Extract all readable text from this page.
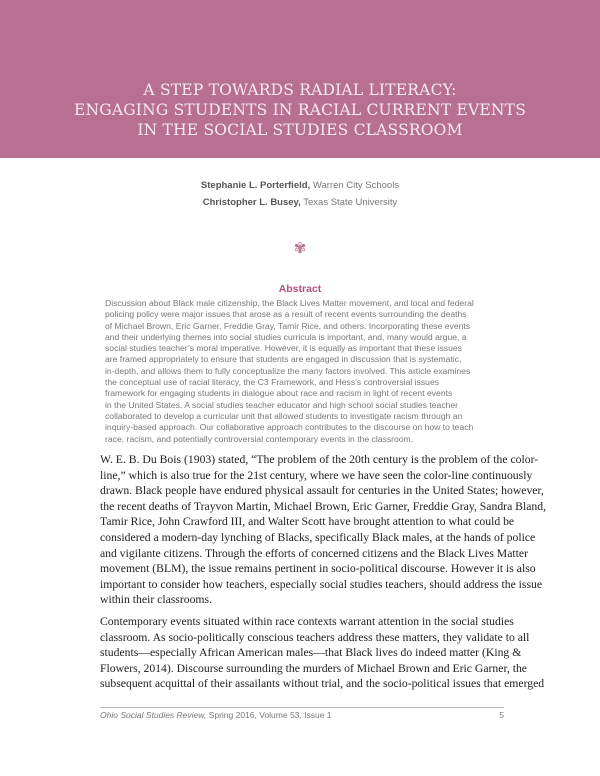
A STEP TOWARDS RADIAL LITERACY:
ENGAGING STUDENTS IN RACIAL CURRENT EVENTS
IN THE SOCIAL STUDIES CLASSROOM
Stephanie L. Porterfield, Warren City Schools
Christopher L. Busey, Texas State University
✾
Abstract
Discussion about Black male citizenship, the Black Lives Matter movement, and local and federal
policing policy were major issues that arose as a result of recent events surrounding the deaths
of Michael Brown, Eric Garner, Freddie Gray, Tamir Rice, and others. Incorporating these events
and their underlying themes into social studies curricula is important, and, many would argue, a
social studies teacher’s moral imperative. However, it is equally as important that these issues
are framed appropriately to ensure that students are engaged in discussion that is systematic,
in-depth, and allows them to fully conceptualize the many factors involved. This article examines
the conceptual use of racial literacy, the C3 Framework, and Hess’s controversial issues
framework for engaging students in dialogue about race and racism in light of recent events
in the United States. A social studies teacher educator and high school social studies teacher
collaborated to develop a curricular unit that allowed students to investigate racism through an
inquiry-based approach. Our collaborative approach contributes to the discourse on how to teach
race, racism, and potentially controversial contemporary events in the classroom.
W. E. B. Du Bois (1903) stated, “The problem of the 20th century is the problem of the color-
line,” which is also true for the 21st century, where we have seen the color-line continuously
drawn. Black people have endured physical assault for centuries in the United States; however,
the recent deaths of Trayvon Martin, Michael Brown, Eric Garner, Freddie Gray, Sandra Bland,
Tamir Rice, John Crawford III, and Walter Scott have brought attention to what could be
considered a modern-day lynching of Blacks, specifically Black males, at the hands of police
and vigilante citizens. Through the efforts of concerned citizens and the Black Lives Matter
movement (BLM), the issue remains pertinent in socio-political discourse. However it is also
important to consider how teachers, especially social studies teachers, should address the issue
within their classrooms.
Contemporary events situated within race contexts warrant attention in the social studies
classroom. As socio-politically conscious teachers address these matters, they validate to all
students—especially African American males—that Black lives do indeed matter (King &
Flowers, 2014). Discourse surrounding the murders of Michael Brown and Eric Garner, the
subsequent acquittal of their assailants without trial, and the socio-political issues that emerged
Ohio Social Studies Review, Spring 2016, Volume 53, Issue 1	5
